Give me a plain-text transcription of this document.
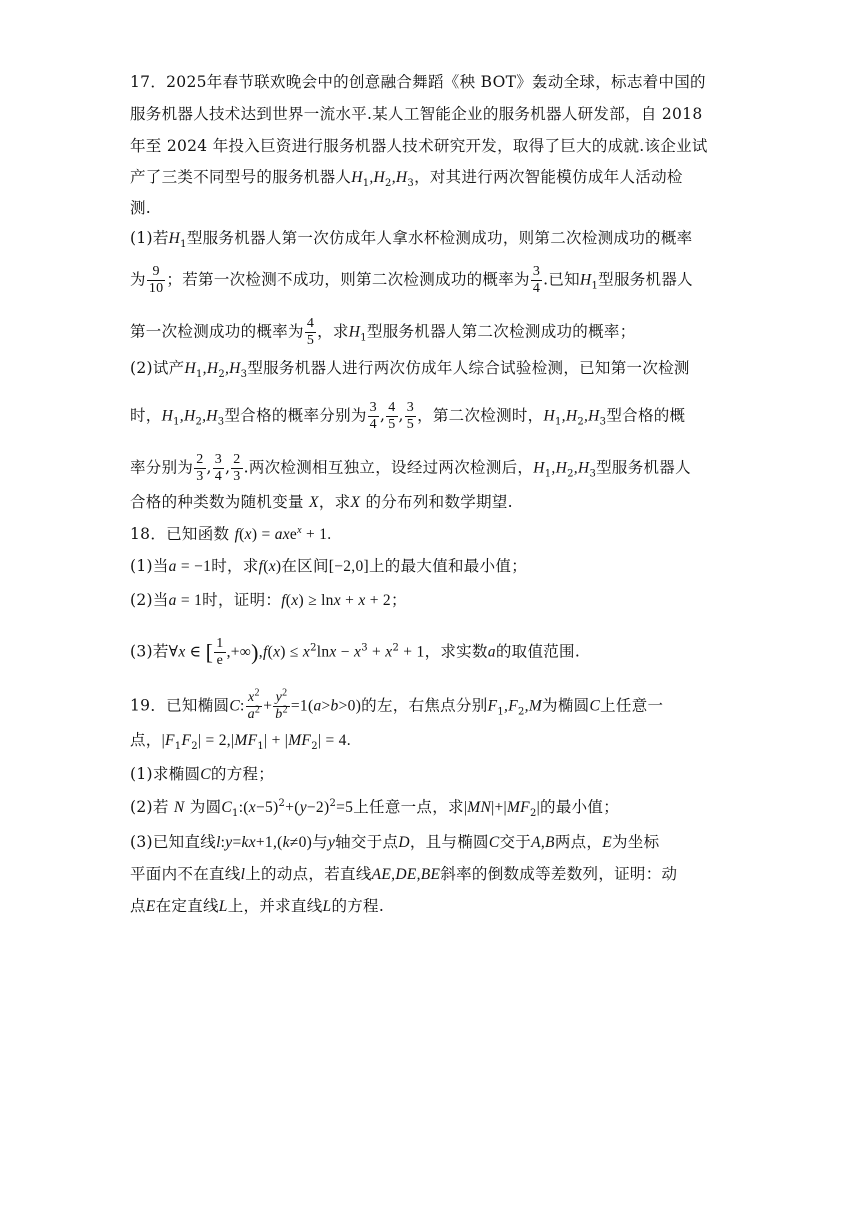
17．2025年春节联欢晚会中的创意融合舞蹈《秧 BOT》轰动全球，标志着中国的
服务机器人技术达到世界一流水平.某人工智能企业的服务机器人研发部，自 2018
年至 2024 年投入巨资进行服务机器人技术研究开发，取得了巨大的成就.该企业试
产了三类不同型号的服务机器人$H_1,H_2,H_3$，对其进行两次智能模仿成年人活动检
测.
(1)若$H_1$型服务机器人第一次仿成年人拿水杯检测成功，则第二次检测成功的概率
为 $\frac{9}{10}$ ；若第一次检测不成功，则第二次检测成功的概率为 $\frac{3}{4}$ .已知$H_1$型服务机器人
第一次检测成功的概率为 $\frac{4}{5}$ ，求$H_1$型服务机器人第二次检测成功的概率；
(2)试产$H_1,H_2,H_3$型服务机器人进行两次仿成年人综合试验检测，已知第一次检测
时，$H_1,H_2,H_3$型合格的概率分别为 $\frac{3}{4}$ , $\frac{4}{5}$ , $\frac{3}{5}$ ，第二次检测时，$H_1,H_2,H_3$型合格的概
率分别为 $\frac{2}{3}$ , $\frac{3}{4}$ , $\frac{2}{3}$ .两次检测相互独立，设经过两次检测后，$H_1,H_2,H_3$型服务机器人
合格的种类数为随机变量 X，求X 的分布列和数学期望.
18．已知函数 f(x) = axe$^x$ + 1.
(1)当a = −1时，求f(x)在区间[−2,0]上的最大值和最小值；
(2)当a = 1时，证明：f(x) ≥ lnx + x + 2；
(3)若∀x ∈ [ $\frac{1}{e} ,+\infty),f(x) \le x^2\ln x - x^3 + x^2 + 1$，求实数a的取值范围.
19．已知椭圆C: $\frac{x^2}{a^2} + \frac{y^2}{b^2} =1(a>b>0)$的左，右焦点分别$F_1,F_2,M$为椭圆C上任意一
点，$|F_1F_2| = 2,|MF_1| + |MF_2| = 4$.
(1)求椭圆C的方程；
(2)若 N 为圆$C_1:(x-5)^2+(y-2)^2=5$上任意一点，求$|MN|+|MF_2|$的最小值；
(3)已知直线l:y=kx+1,(k≠0)与y轴交于点D，且与椭圆C交于A,B两点，E为坐标
平面内不在直线l上的动点，若直线AE,DE,BE斜率的倒数成等差数列，证明：动
点E在定直线L上，并求直线L的方程.
